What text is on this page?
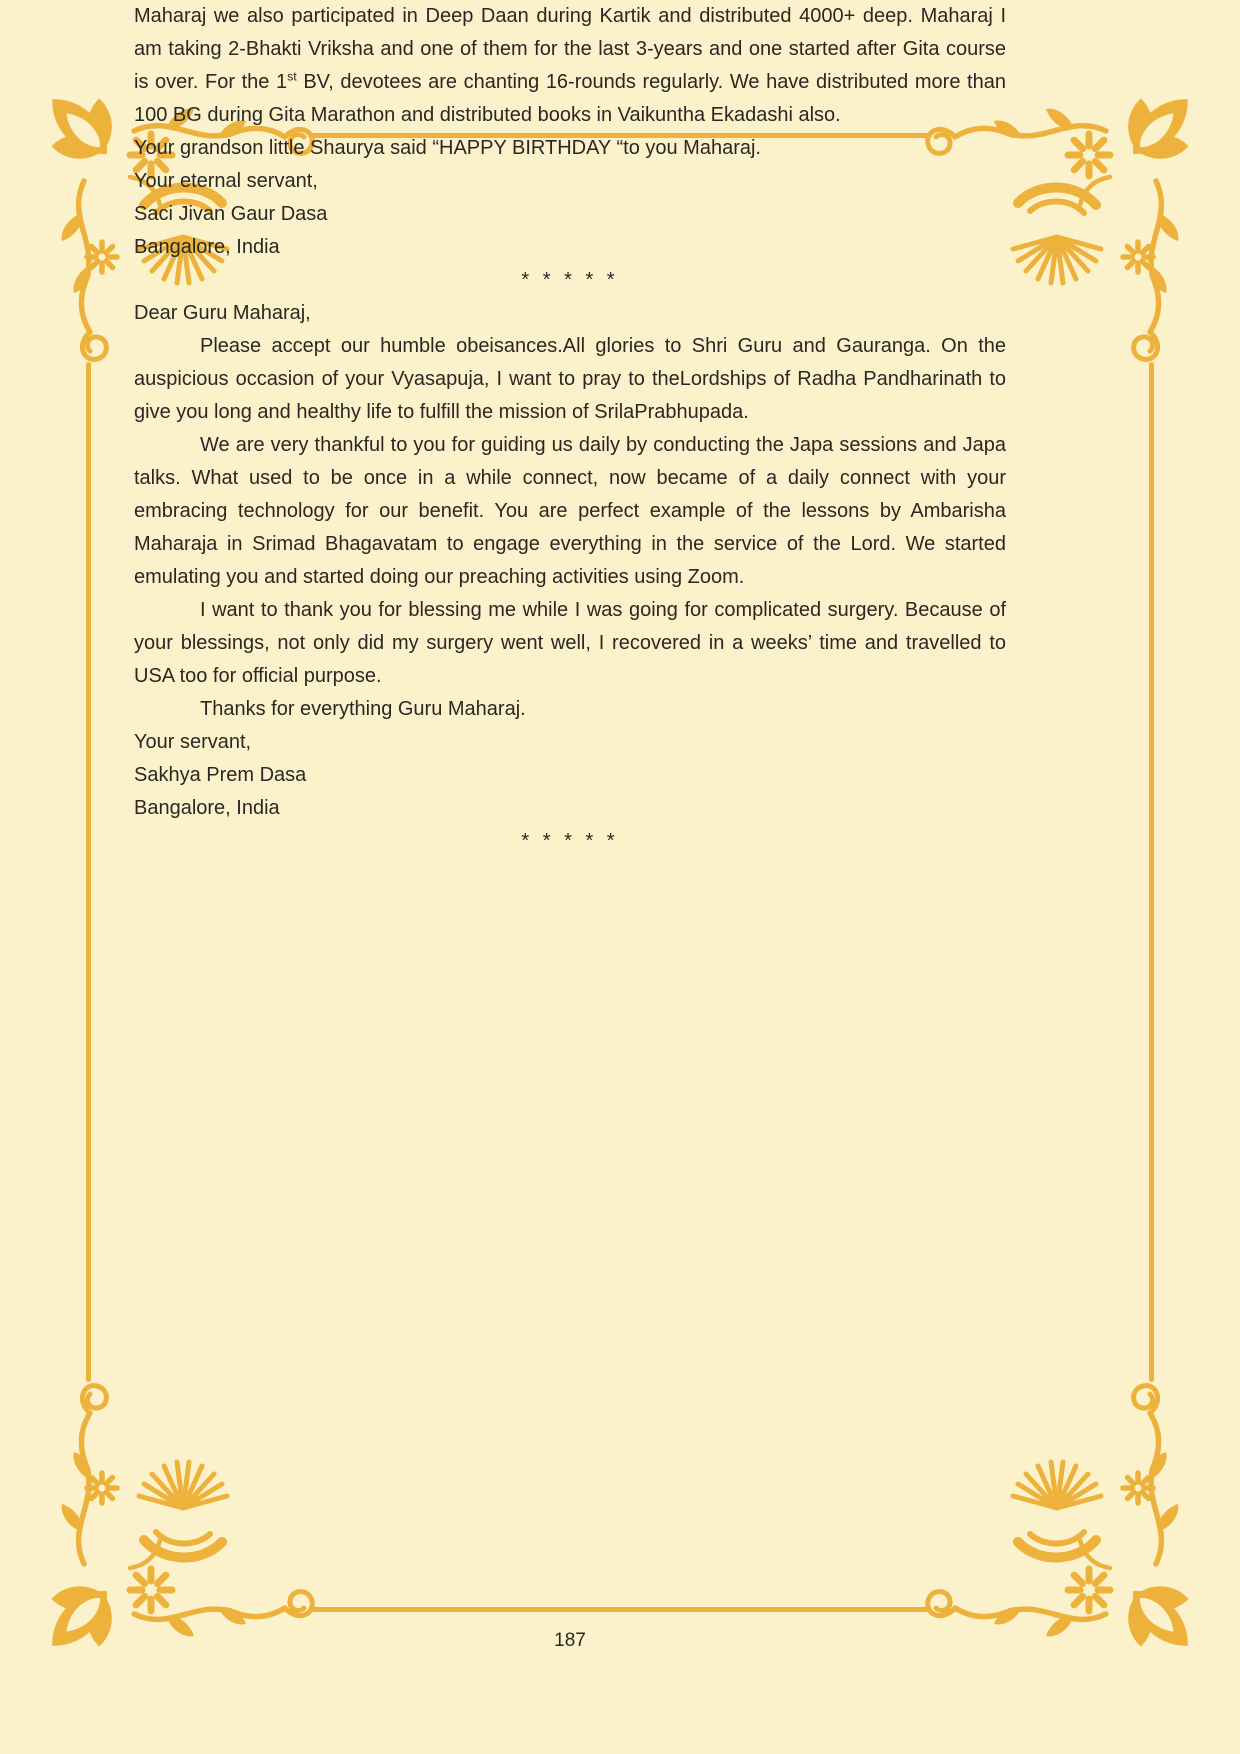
Maharaj we also participated in Deep Daan during Kartik and distributed 4000+ deep. Maharaj I am taking 2-Bhakti Vriksha and one of them for the last 3-years and one started after Gita course is over. For the 1st BV, devotees are chanting 16-rounds regularly. We have distributed more than 100 BG during Gita Marathon and distributed books in Vaikuntha Ekadashi also.

Your grandson little Shaurya said “HAPPY BIRTHDAY “to you Maharaj.

Your eternal servant,

Saci Jivan Gaur Dasa

Bangalore, India

* * * * *

Dear Guru Maharaj,

Please accept our humble obeisances.All glories to Shri Guru and Gauranga. On the auspicious occasion of your Vyasapuja, I want to pray to theLordships of Radha Pandharinath to give you long and healthy life to fulfill the mission of SrilaPrabhupada.

We are very thankful to you for guiding us daily by conducting the Japa sessions and Japa talks. What used to be once in a while connect, now became of a daily connect with your embracing technology for our benefit. You are perfect example of the lessons by Ambarisha Maharaja in Srimad Bhagavatam to engage everything in the service of the Lord. We started emulating you and started doing our preaching activities using Zoom.

I want to thank you for blessing me while I was going for complicated surgery. Because of your blessings, not only did my surgery went well, I recovered in a weeks’ time and travelled to USA too for official purpose.

Thanks for everything Guru Maharaj.

Your servant,

Sakhya Prem Dasa

Bangalore, India

* * * * *

187
